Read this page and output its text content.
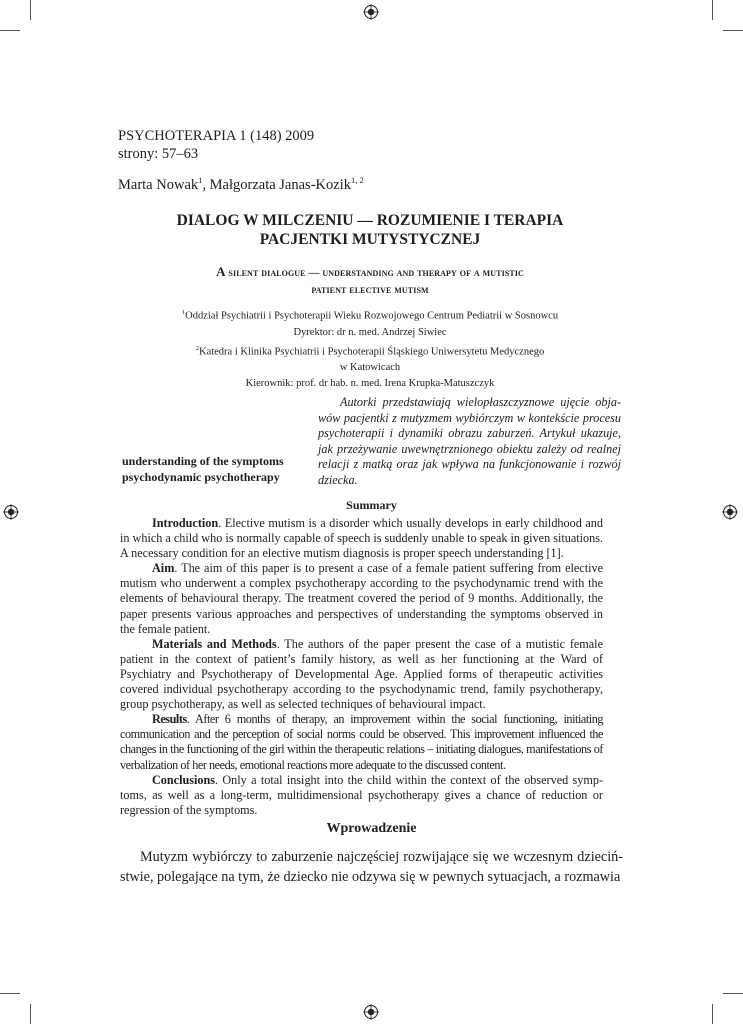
PSYCHOTERAPIA 1 (148) 2009
strony: 57–63
Marta Nowak$^1$, Małgorzata Janas-Kozik$^{1, 2}$
DIALOG W MILCZENIU — ROZUMIENIE I TERAPIA
PACJENTKI MUTYSTYCZNEJ
A silent dialogue — understanding and therapy of a mutistic
patient elective mutism
$^1$Oddział Psychiatrii i Psychoterapii Wieku Rozwojowego Centrum Pediatrii w Sosnowcu
Dyrektor: dr n. med. Andrzej Siwiec
$^2$Katedra i Klinika Psychiatrii i Psychoterapii Śląskiego Uniwersytetu Medycznego
w Katowicach
Kierownik: prof. dr hab. n. med. Irena Krupka-Matuszczyk
understanding of the symptoms
psychodynamic psychotherapy
Autorki przedstawiają wielopłaszczyznowe ujęcie objawów pacjentki z mutyzmem wybiórczym w kontekście procesu psychoterapii i dynamiki obrazu zaburzeń. Artykuł ukazuje, jak przeżywanie uwewnętrznionego obiektu zależy od realnej relacji z matką oraz jak wpływa na funkcjonowanie i rozwój dziecka.
Summary

Introduction. Elective mutism is a disorder which usually develops in early childhood and in which a child who is normally capable of speech is suddenly unable to speak in given situations. A necessary condition for an elective mutism diagnosis is proper speech understanding [1].

Aim. The aim of this paper is to present a case of a female patient suffering from elective mutism who underwent a complex psychotherapy according to the psychodynamic trend with the elements of behavioural therapy. The treatment covered the period of 9 months. Additionally, the paper presents various approaches and perspectives of understanding the symptoms observed in the female patient.

Materials and Methods. The authors of the paper present the case of a mutistic female patient in the context of patient’s family history, as well as her functioning at the Ward of Psychiatry and Psychotherapy of Developmental Age. Applied forms of therapeutic activities covered individual psychotherapy according to the psychodynamic trend, family psychotherapy, group psychotherapy, as well as selected techniques of behavioural impact.

Results. After 6 months of therapy, an improvement within the social functioning, initiating communication and the perception of social norms could be observed. This improvement influenced the changes in the functioning of the girl within the therapeutic relations – initiating dialogues, manifestations of verbalization of her needs, emotional reactions more adequate to the discussed content.

Conclusions. Only a total insight into the child within the context of the observed symptoms, as well as a long-term, multidimensional psychotherapy gives a chance of reduction or regression of the symptoms.

Wprowadzenie

Mutyzm wybiórczy to zaburzenie najczęściej rozwijające się we wczesnym dzieciństwie, polegające na tym, że dziecko nie odzywa się w pewnych sytuacjach, a rozmawia
